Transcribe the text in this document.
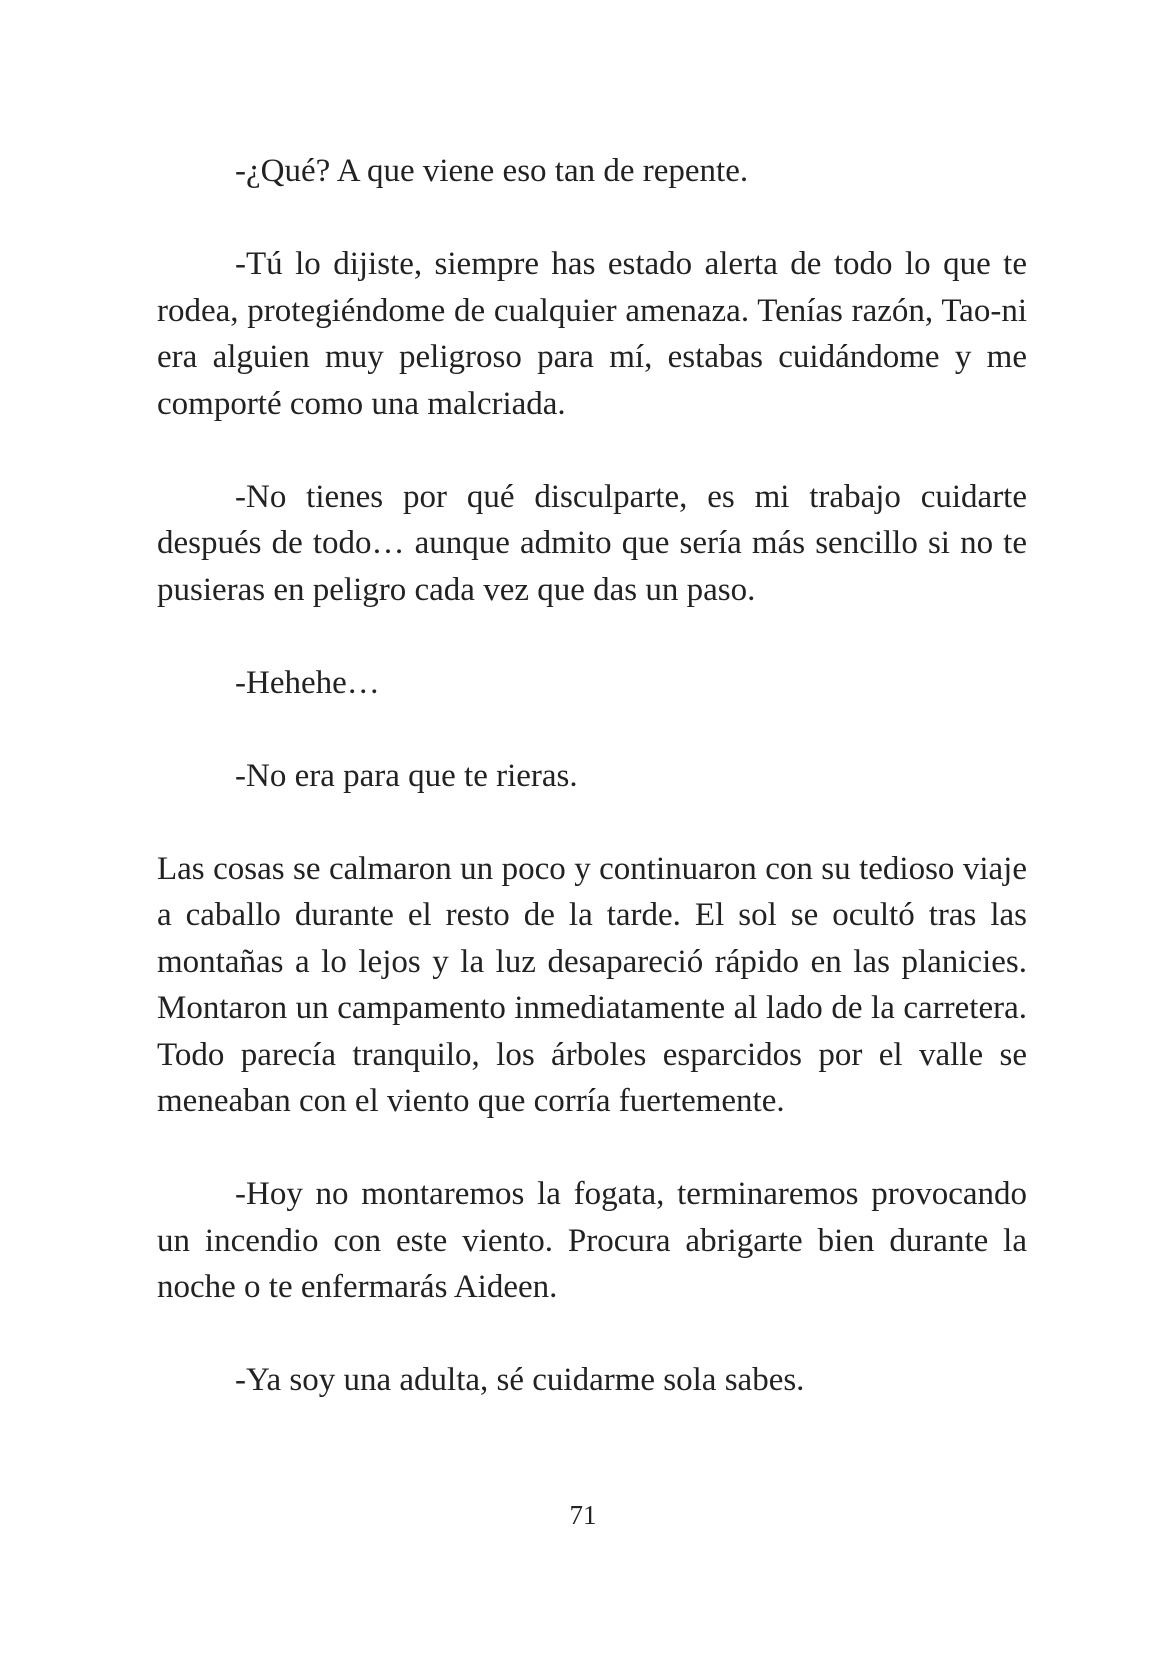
-¿Qué? A que viene eso tan de repente.

-Tú lo dijiste, siempre has estado alerta de todo lo que te rodea, protegiéndome de cualquier amenaza. Tenías razón, Tao-ni era alguien muy peligroso para mí, estabas cuidándome y me comporté como una malcriada.

-No tienes por qué disculparte, es mi trabajo cuidarte después de todo… aunque admito que sería más sencillo si no te pusieras en peligro cada vez que das un paso.

-Hehehe…

-No era para que te rieras.

Las cosas se calmaron un poco y continuaron con su tedioso viaje a caballo durante el resto de la tarde. El sol se ocultó tras las montañas a lo lejos y la luz desapareció rápido en las planicies. Montaron un campamento inmediatamente al lado de la carretera. Todo parecía tranquilo, los árboles esparcidos por el valle se meneaban con el viento que corría fuertemente.

-Hoy no montaremos la fogata, terminaremos provocando un incendio con este viento. Procura abrigarte bien durante la noche o te enfermarás Aideen.

-Ya soy una adulta, sé cuidarme sola sabes.

71
